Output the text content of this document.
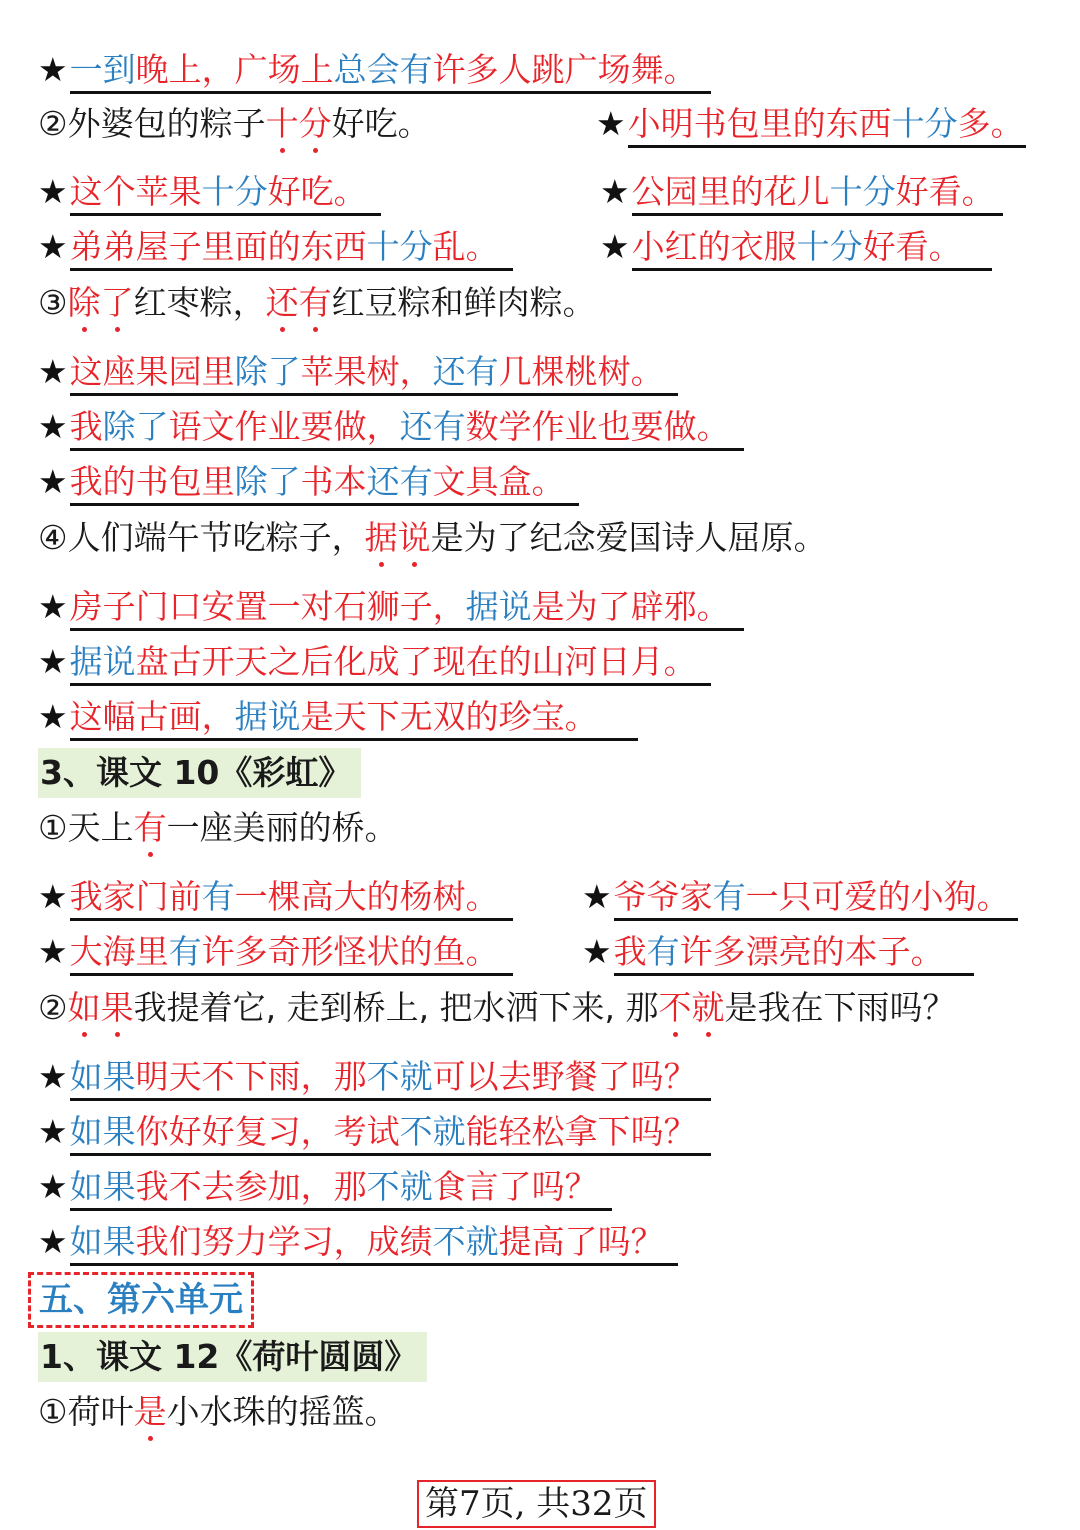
★一到晚上，广场上总会有许多人跳广场舞。
②外婆包的粽子十分好吃。	★小明书包里的东西十分多。
★这个苹果十分好吃。	★公园里的花儿十分好看。
★弟弟屋子里面的东西十分乱。	★小红的衣服十分好看。
③除了红枣粽，还有红豆粽和鲜肉粽。
★这座果园里除了苹果树，还有几棵桃树。
★我除了语文作业要做，还有数学作业也要做。
★我的书包里除了书本还有文具盒。
④人们端午节吃粽子，据说是为了纪念爱国诗人屈原。
★房子门口安置一对石狮子，据说是为了辟邪。
★据说盘古开天之后化成了现在的山河日月。
★这幅古画，据说是天下无双的珍宝。
3、课文 10《彩虹》
①天上有一座美丽的桥。
★我家门前有一棵高大的杨树。	★爷爷家有一只可爱的小狗。
★大海里有许多奇形怪状的鱼。	★我有许多漂亮的本子。
②如果我提着它, 走到桥上, 把水洒下来, 那不就是我在下雨吗？
★如果明天不下雨，那不就可以去野餐了吗？
★如果你好好复习，考试不就能轻松拿下吗？
★如果我不去参加，那不就食言了吗？
★如果我们努力学习，成绩不就提高了吗？
五、第六单元
1、课文 12《荷叶圆圆》
①荷叶是小水珠的摇篮。
第7页, 共32页
